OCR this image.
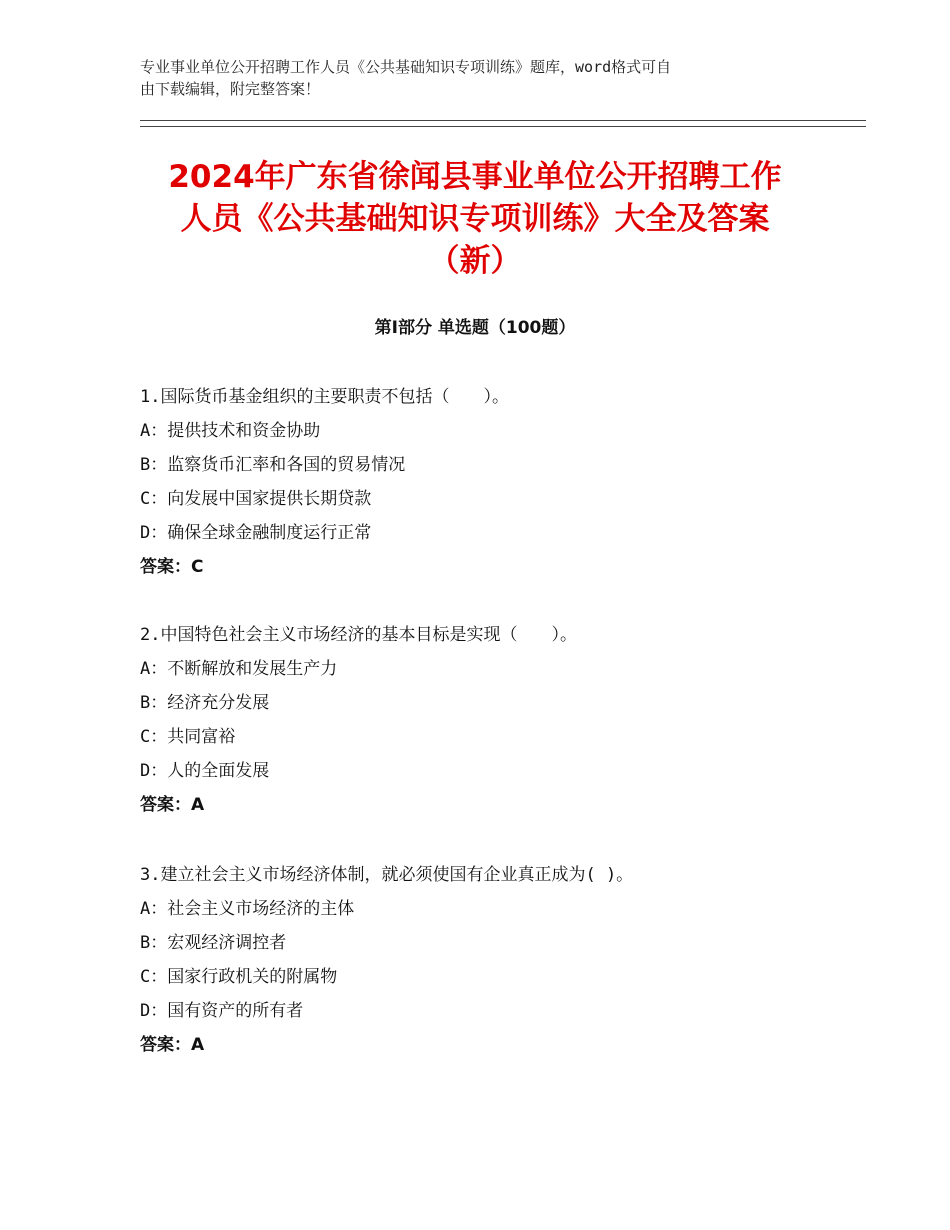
专业事业单位公开招聘工作人员《公共基础知识专项训练》题库，word格式可自
由下载编辑，附完整答案！
2024年广东省徐闻县事业单位公开招聘工作
人员《公共基础知识专项训练》大全及答案
（新）
第Ⅰ部分 单选题（100题）
1.国际货币基金组织的主要职责不包括（　　）。
A：提供技术和资金协助
B：监察货币汇率和各国的贸易情况
C：向发展中国家提供长期贷款
D：确保全球金融制度运行正常
答案：C
2.中国特色社会主义市场经济的基本目标是实现（　　）。
A：不断解放和发展生产力
B：经济充分发展
C：共同富裕
D：人的全面发展
答案：A
3.建立社会主义市场经济体制，就必须使国有企业真正成为( )。
A：社会主义市场经济的主体
B：宏观经济调控者
C：国家行政机关的附属物
D：国有资产的所有者
答案：A
